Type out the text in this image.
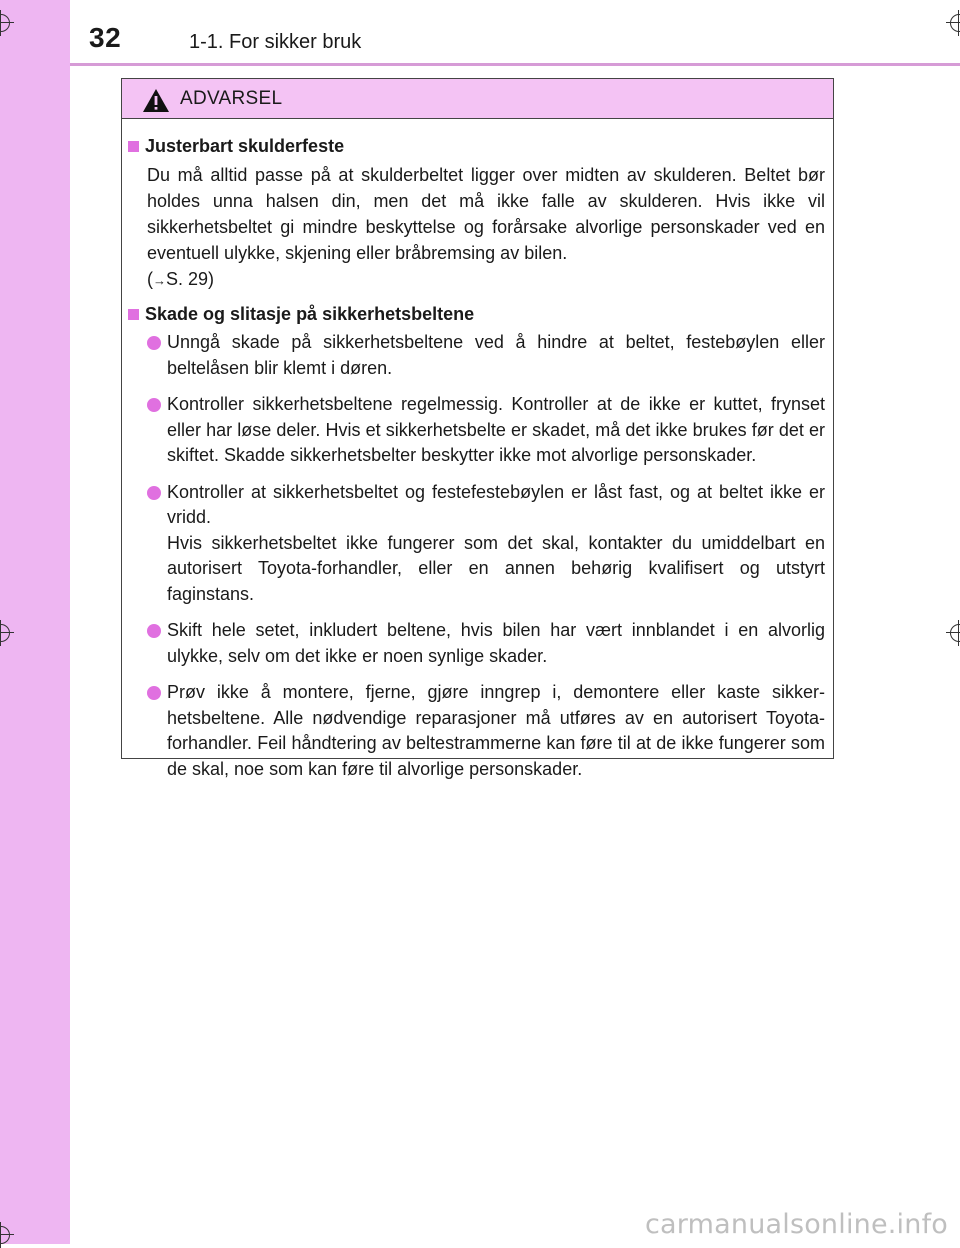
32	1-1. For sikker bruk
ADVARSEL
Justerbart skulderfeste
Du må alltid passe på at skulderbeltet ligger over midten av skulderen. Beltet bør holdes unna halsen din, men det må ikke falle av skulderen. Hvis ikke vil sikkerhetsbeltet gi mindre beskyttelse og forårsake alvorlige personskader ved en eventuell ulykke, skjening eller bråbremsing av bilen.
(→S. 29)
Skade og slitasje på sikkerhetsbeltene
Unngå skade på sikkerhetsbeltene ved å hindre at beltet, festebøylen eller beltelåsen blir klemt i døren.
Kontroller sikkerhetsbeltene regelmessig. Kontroller at de ikke er kuttet, frynset eller har løse deler. Hvis et sikkerhetsbelte er skadet, må det ikke brukes før det er skiftet. Skadde sikkerhetsbelter beskytter ikke mot alvorlige personskader.
Kontroller at sikkerhetsbeltet og festefestebøylen er låst fast, og at beltet ikke er vridd.
Hvis sikkerhetsbeltet ikke fungerer som det skal, kontakter du umiddelbart en autorisert Toyota-forhandler, eller en annen behørig kvalifisert og utstyrt faginstans.
Skift hele setet, inkludert beltene, hvis bilen har vært innblandet i en alvorlig ulykke, selv om det ikke er noen synlige skader.
Prøv ikke å montere, fjerne, gjøre inngrep i, demontere eller kaste sikkerhetsbeltene. Alle nødvendige reparasjoner må utføres av en autorisert Toyota-forhandler. Feil håndtering av beltestrammerne kan føre til at de ikke fungerer som de skal, noe som kan føre til alvorlige personskader.
carmanualsonline.info
